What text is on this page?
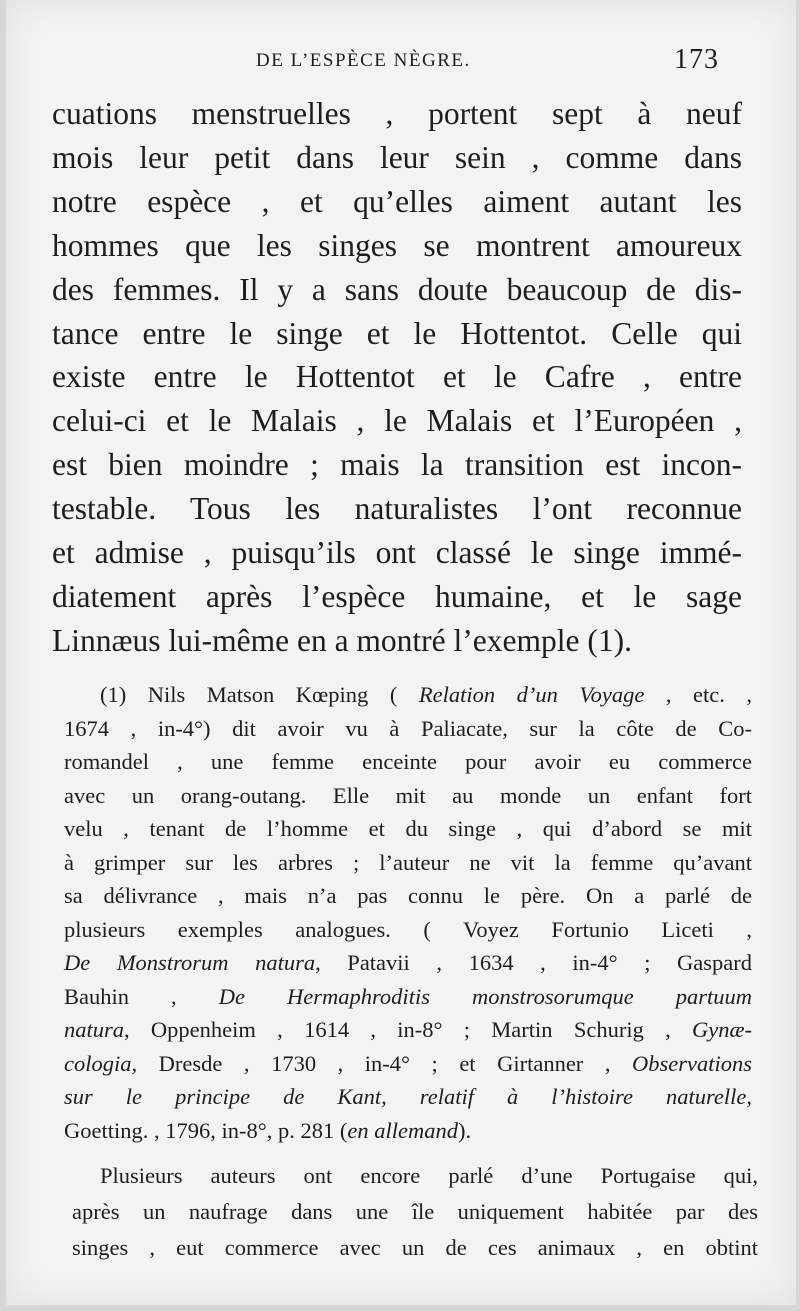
DE L’ESPÈCE NÈGRE.	173
cuations menstruelles , portent sept à neuf
mois leur petit dans leur sein , comme dans
notre espèce , et qu’elles aiment autant les
hommes que les singes se montrent amoureux
des femmes. Il y a sans doute beaucoup de dis-
tance entre le singe et le Hottentot. Celle qui
existe entre le Hottentot et le Cafre , entre
celui-ci et le Malais , le Malais et l’Européen ,
est bien moindre ; mais la transition est incon-
testable. Tous les naturalistes l’ont reconnue
et admise , puisqu’ils ont classé le singe immé-
diatement après l’espèce humaine, et le sage
Linnæus lui-même en a montré l’exemple (1).
(1) Nils Matson Kœping ( Relation d’un Voyage , etc. ,
1674 , in-4°) dit avoir vu à Paliacate, sur la côte de Co-
romandel , une femme enceinte pour avoir eu commerce
avec un orang-outang. Elle mit au monde un enfant fort
velu , tenant de l’homme et du singe , qui d’abord se mit
à grimper sur les arbres ; l’auteur ne vit la femme qu’avant
sa délivrance , mais n’a pas connu le père. On a parlé de
plusieurs exemples analogues. ( Voyez Fortunio Liceti ,
De Monstrorum natura, Patavii , 1634 , in-4° ; Gaspard
Bauhin , De Hermaphroditis monstrosorumque partuum
natura, Oppenheim , 1614 , in-8° ; Martin Schurig , Gynæ-
cologia, Dresde , 1730 , in-4° ; et Girtanner , Observations
sur le principe de Kant, relatif à l’histoire naturelle,
Goetting. , 1796, in-8°, p. 281 (en allemand).
Plusieurs auteurs ont encore parlé d’une Portugaise qui,
après un naufrage dans une île uniquement habitée par des
singes , eut commerce avec un de ces animaux , en obtint
